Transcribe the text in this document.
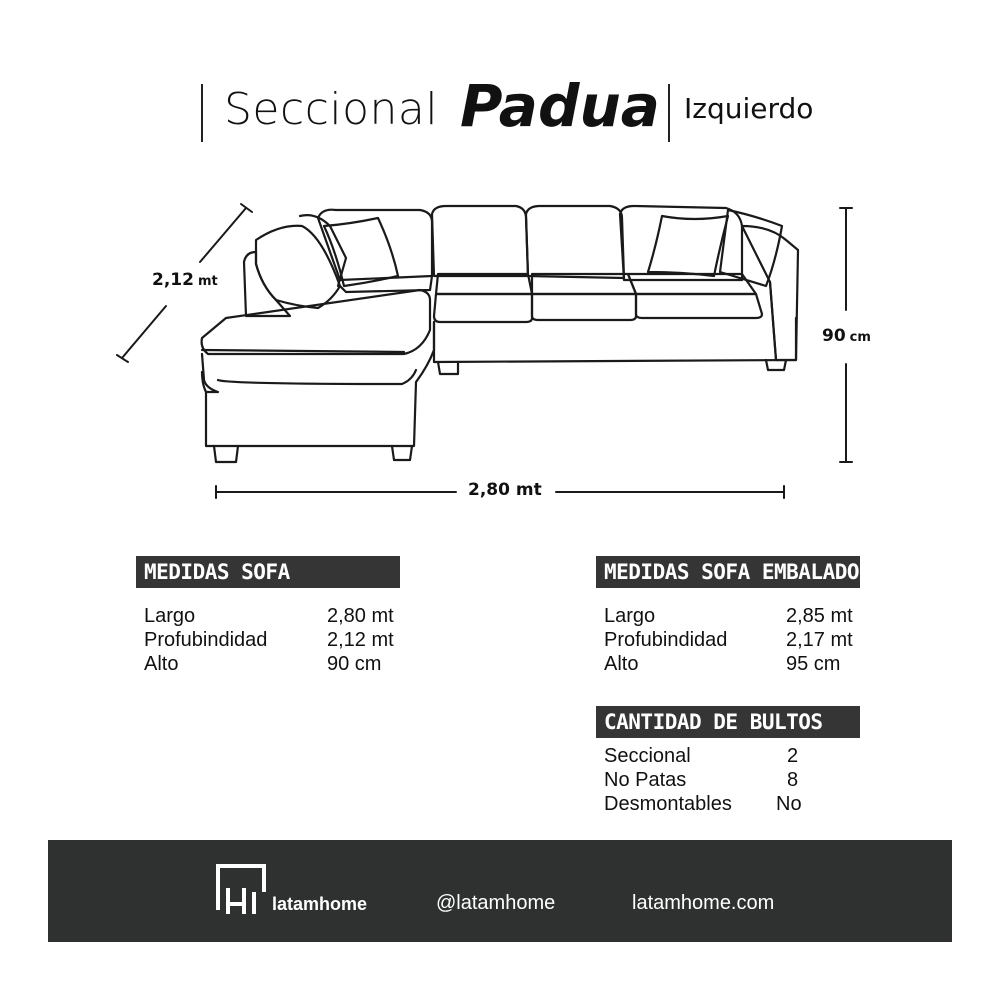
Seccional Padua Izquierdo
2,12 mt
90 cm
2,80 mt
MEDIDAS SOFA
Largo	2,80 mt
Profubindidad	2,12 mt
Alto	90 cm
MEDIDAS SOFA EMBALADO
Largo	2,85 mt
Profubindidad	2,17 mt
Alto	95 cm
CANTIDAD DE BULTOS
Seccional	2
No Patas	8
Desmontables No
latamhome	@latamhome	latamhome.com
